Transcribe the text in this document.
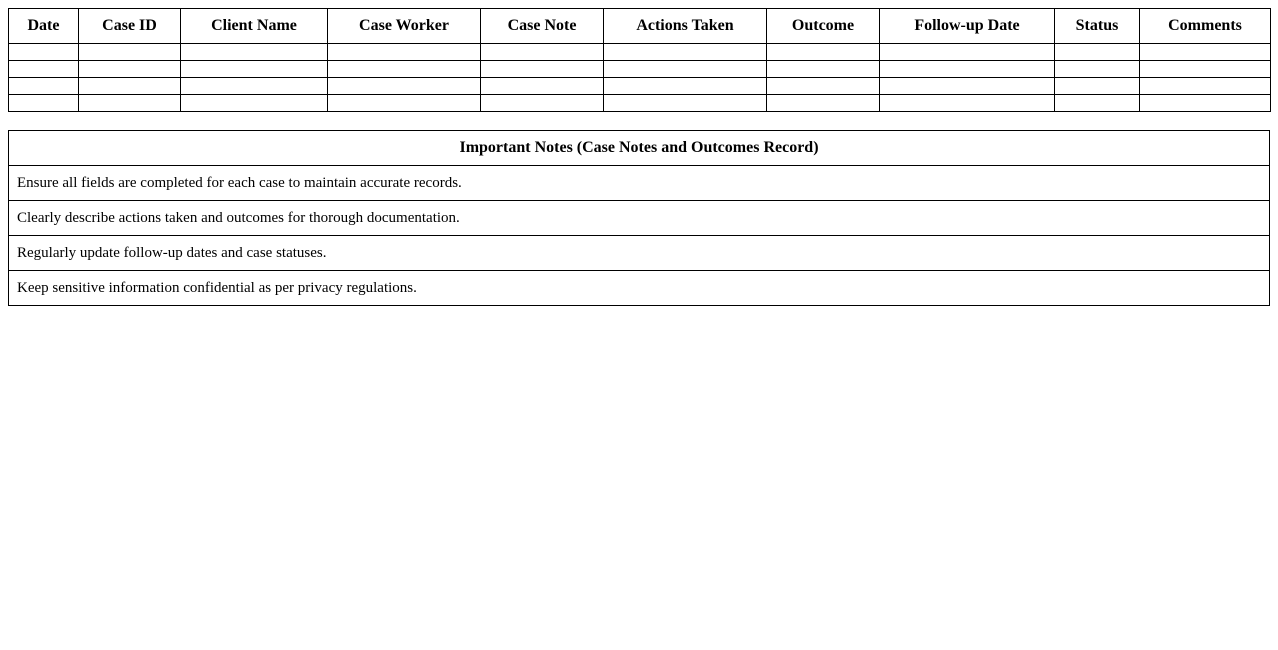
Date	Case ID	Client Name	Case Worker	Case Note	Actions Taken	Outcome	Follow-up Date	Status	Comments

Important Notes (Case Notes and Outcomes Record)
Ensure all fields are completed for each case to maintain accurate records.
Clearly describe actions taken and outcomes for thorough documentation.
Regularly update follow-up dates and case statuses.
Keep sensitive information confidential as per privacy regulations.
